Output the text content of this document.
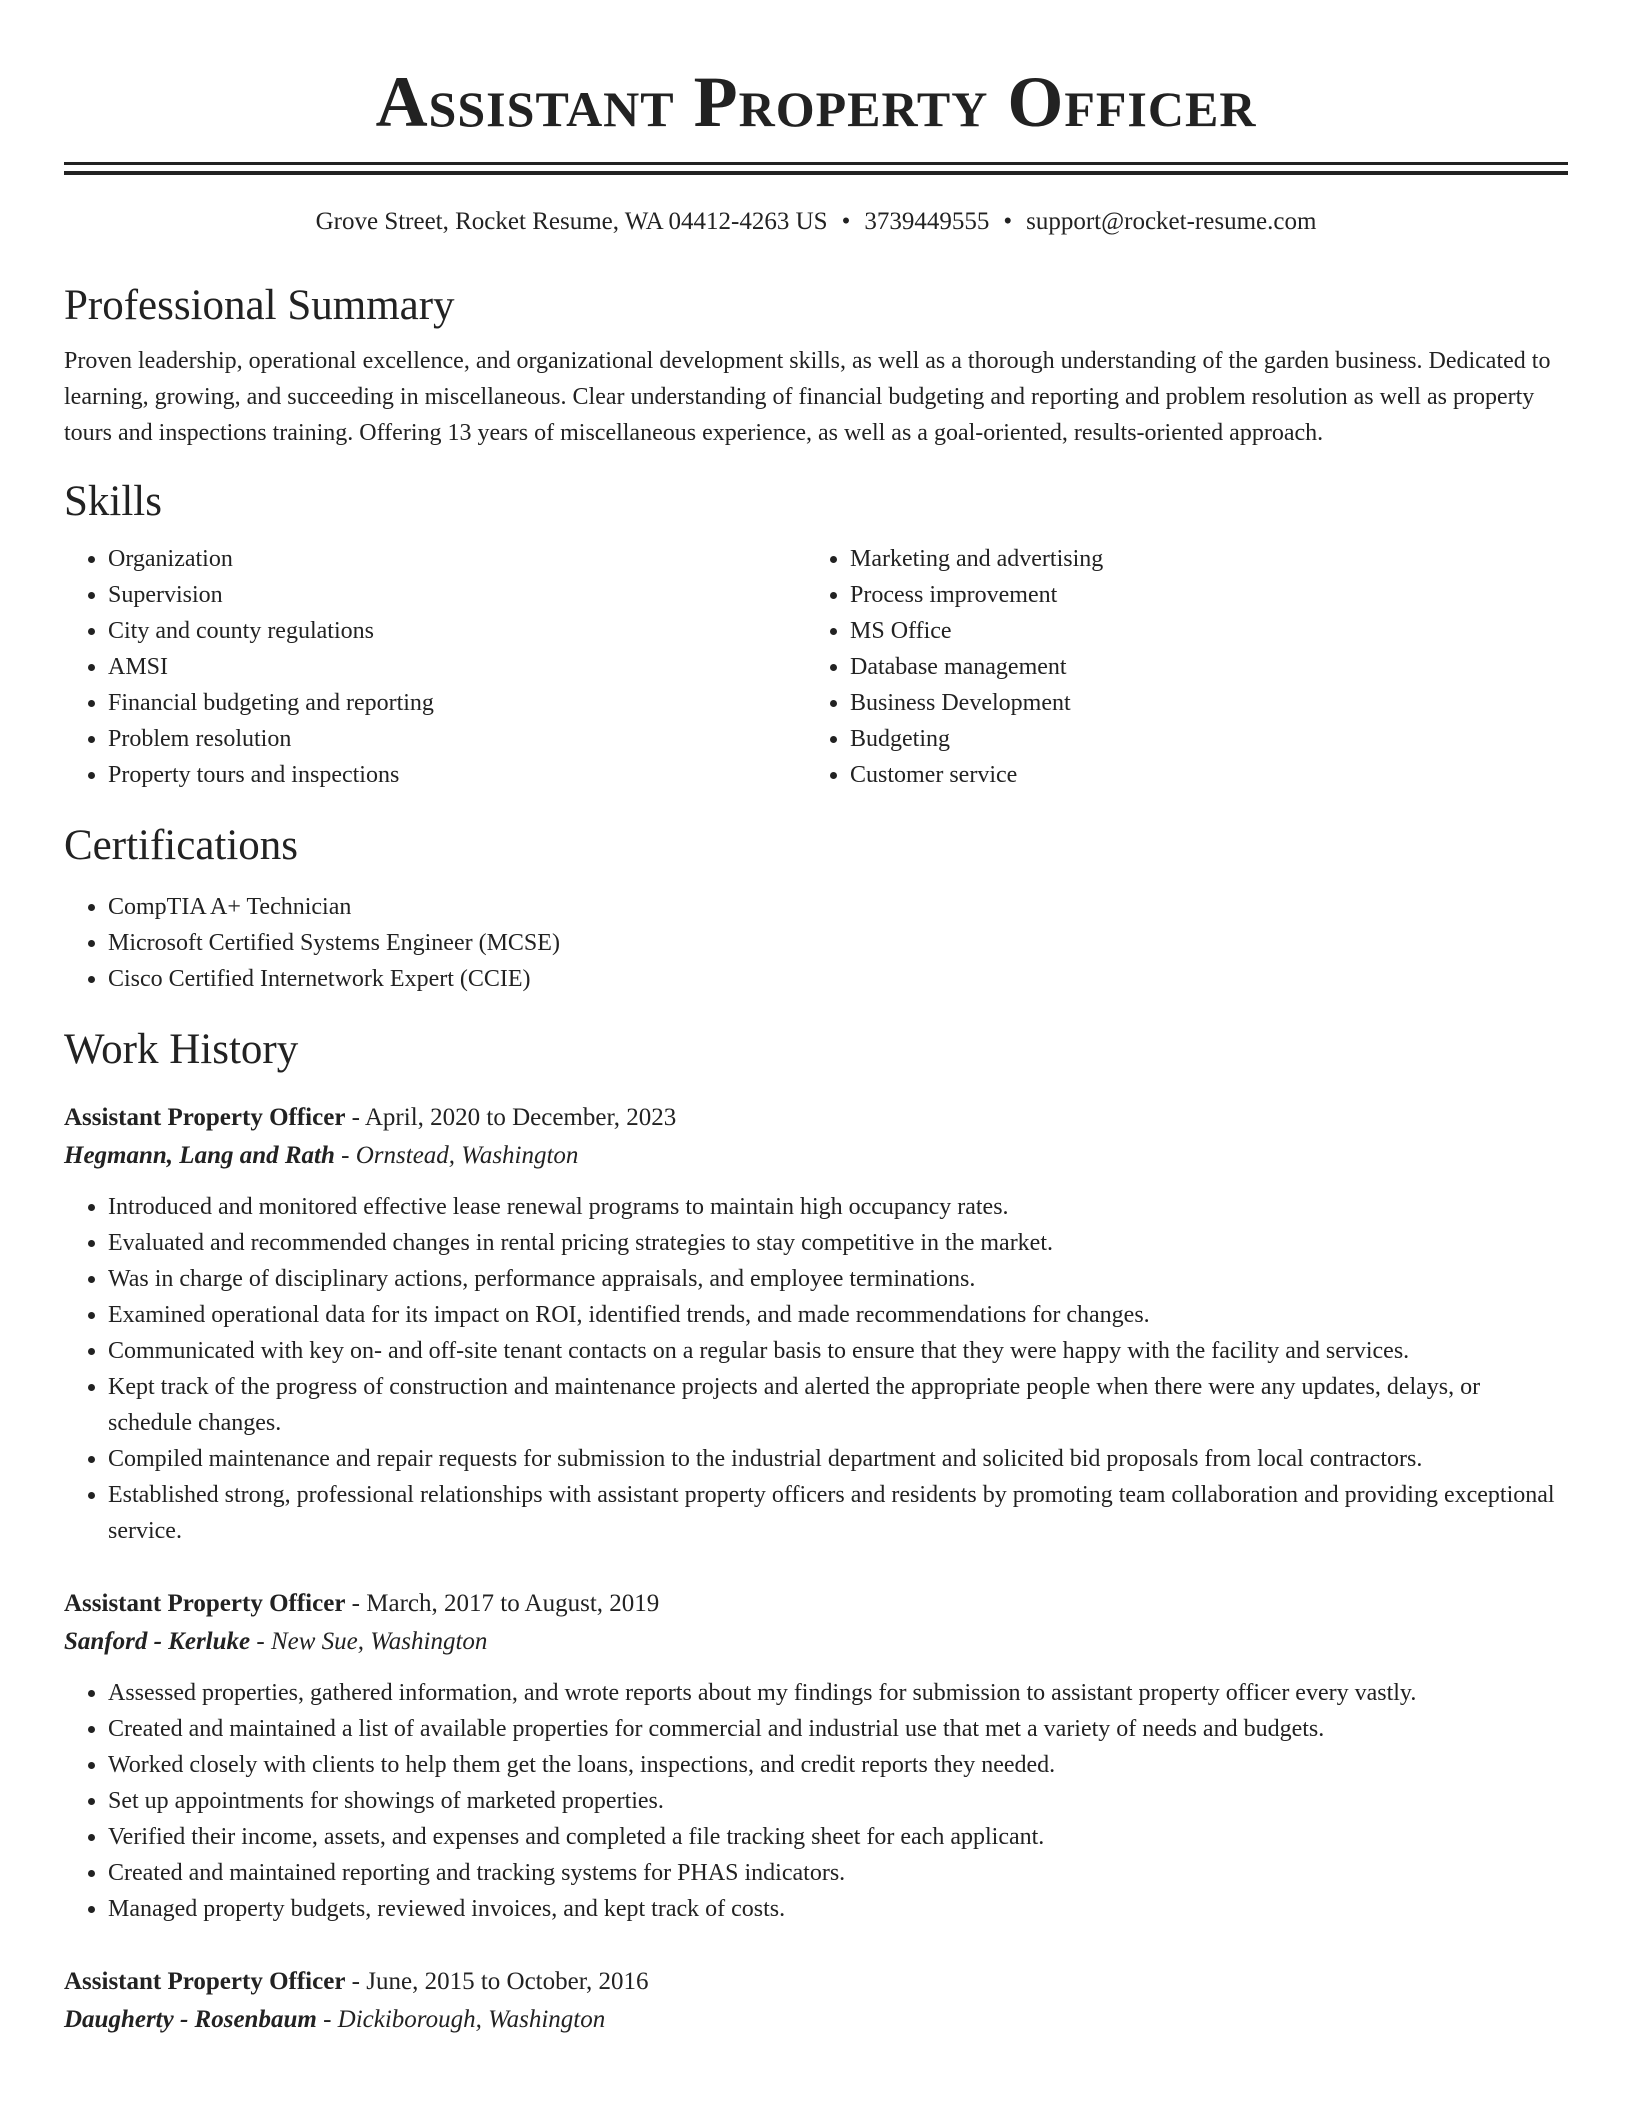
Assistant Property Officer
Grove Street, Rocket Resume, WA 04412-4263 US • 3739449555 • support@rocket-resume.com
Professional Summary

Proven leadership, operational excellence, and organizational development skills, as well as a thorough understanding of the garden business. Dedicated to learning, growing, and succeeding in miscellaneous. Clear understanding of financial budgeting and reporting and problem resolution as well as property tours and inspections training. Offering 13 years of miscellaneous experience, as well as a goal-oriented, results-oriented approach.

Skills
• Organization
• Supervision
• City and county regulations
• AMSI
• Financial budgeting and reporting
• Problem resolution
• Property tours and inspections
• Marketing and advertising
• Process improvement
• MS Office
• Database management
• Business Development
• Budgeting
• Customer service
Certifications
• CompTIA A+ Technician
• Microsoft Certified Systems Engineer (MCSE)
• Cisco Certified Internetwork Expert (CCIE)
Work History
Assistant Property Officer - April, 2020 to December, 2023
Hegmann, Lang and Rath - Ornstead, Washington
• Introduced and monitored effective lease renewal programs to maintain high occupancy rates.
• Evaluated and recommended changes in rental pricing strategies to stay competitive in the market.
• Was in charge of disciplinary actions, performance appraisals, and employee terminations.
• Examined operational data for its impact on ROI, identified trends, and made recommendations for changes.
• Communicated with key on- and off-site tenant contacts on a regular basis to ensure that they were happy with the facility and services.
• Kept track of the progress of construction and maintenance projects and alerted the appropriate people when there were any updates, delays, or schedule changes.
• Compiled maintenance and repair requests for submission to the industrial department and solicited bid proposals from local contractors.
• Established strong, professional relationships with assistant property officers and residents by promoting team collaboration and providing exceptional service.
Assistant Property Officer - March, 2017 to August, 2019
Sanford - Kerluke - New Sue, Washington
• Assessed properties, gathered information, and wrote reports about my findings for submission to assistant property officer every vastly.
• Created and maintained a list of available properties for commercial and industrial use that met a variety of needs and budgets.
• Worked closely with clients to help them get the loans, inspections, and credit reports they needed.
• Set up appointments for showings of marketed properties.
• Verified their income, assets, and expenses and completed a file tracking sheet for each applicant.
• Created and maintained reporting and tracking systems for PHAS indicators.
• Managed property budgets, reviewed invoices, and kept track of costs.
Assistant Property Officer - June, 2015 to October, 2016
Daugherty - Rosenbaum - Dickiborough, Washington
